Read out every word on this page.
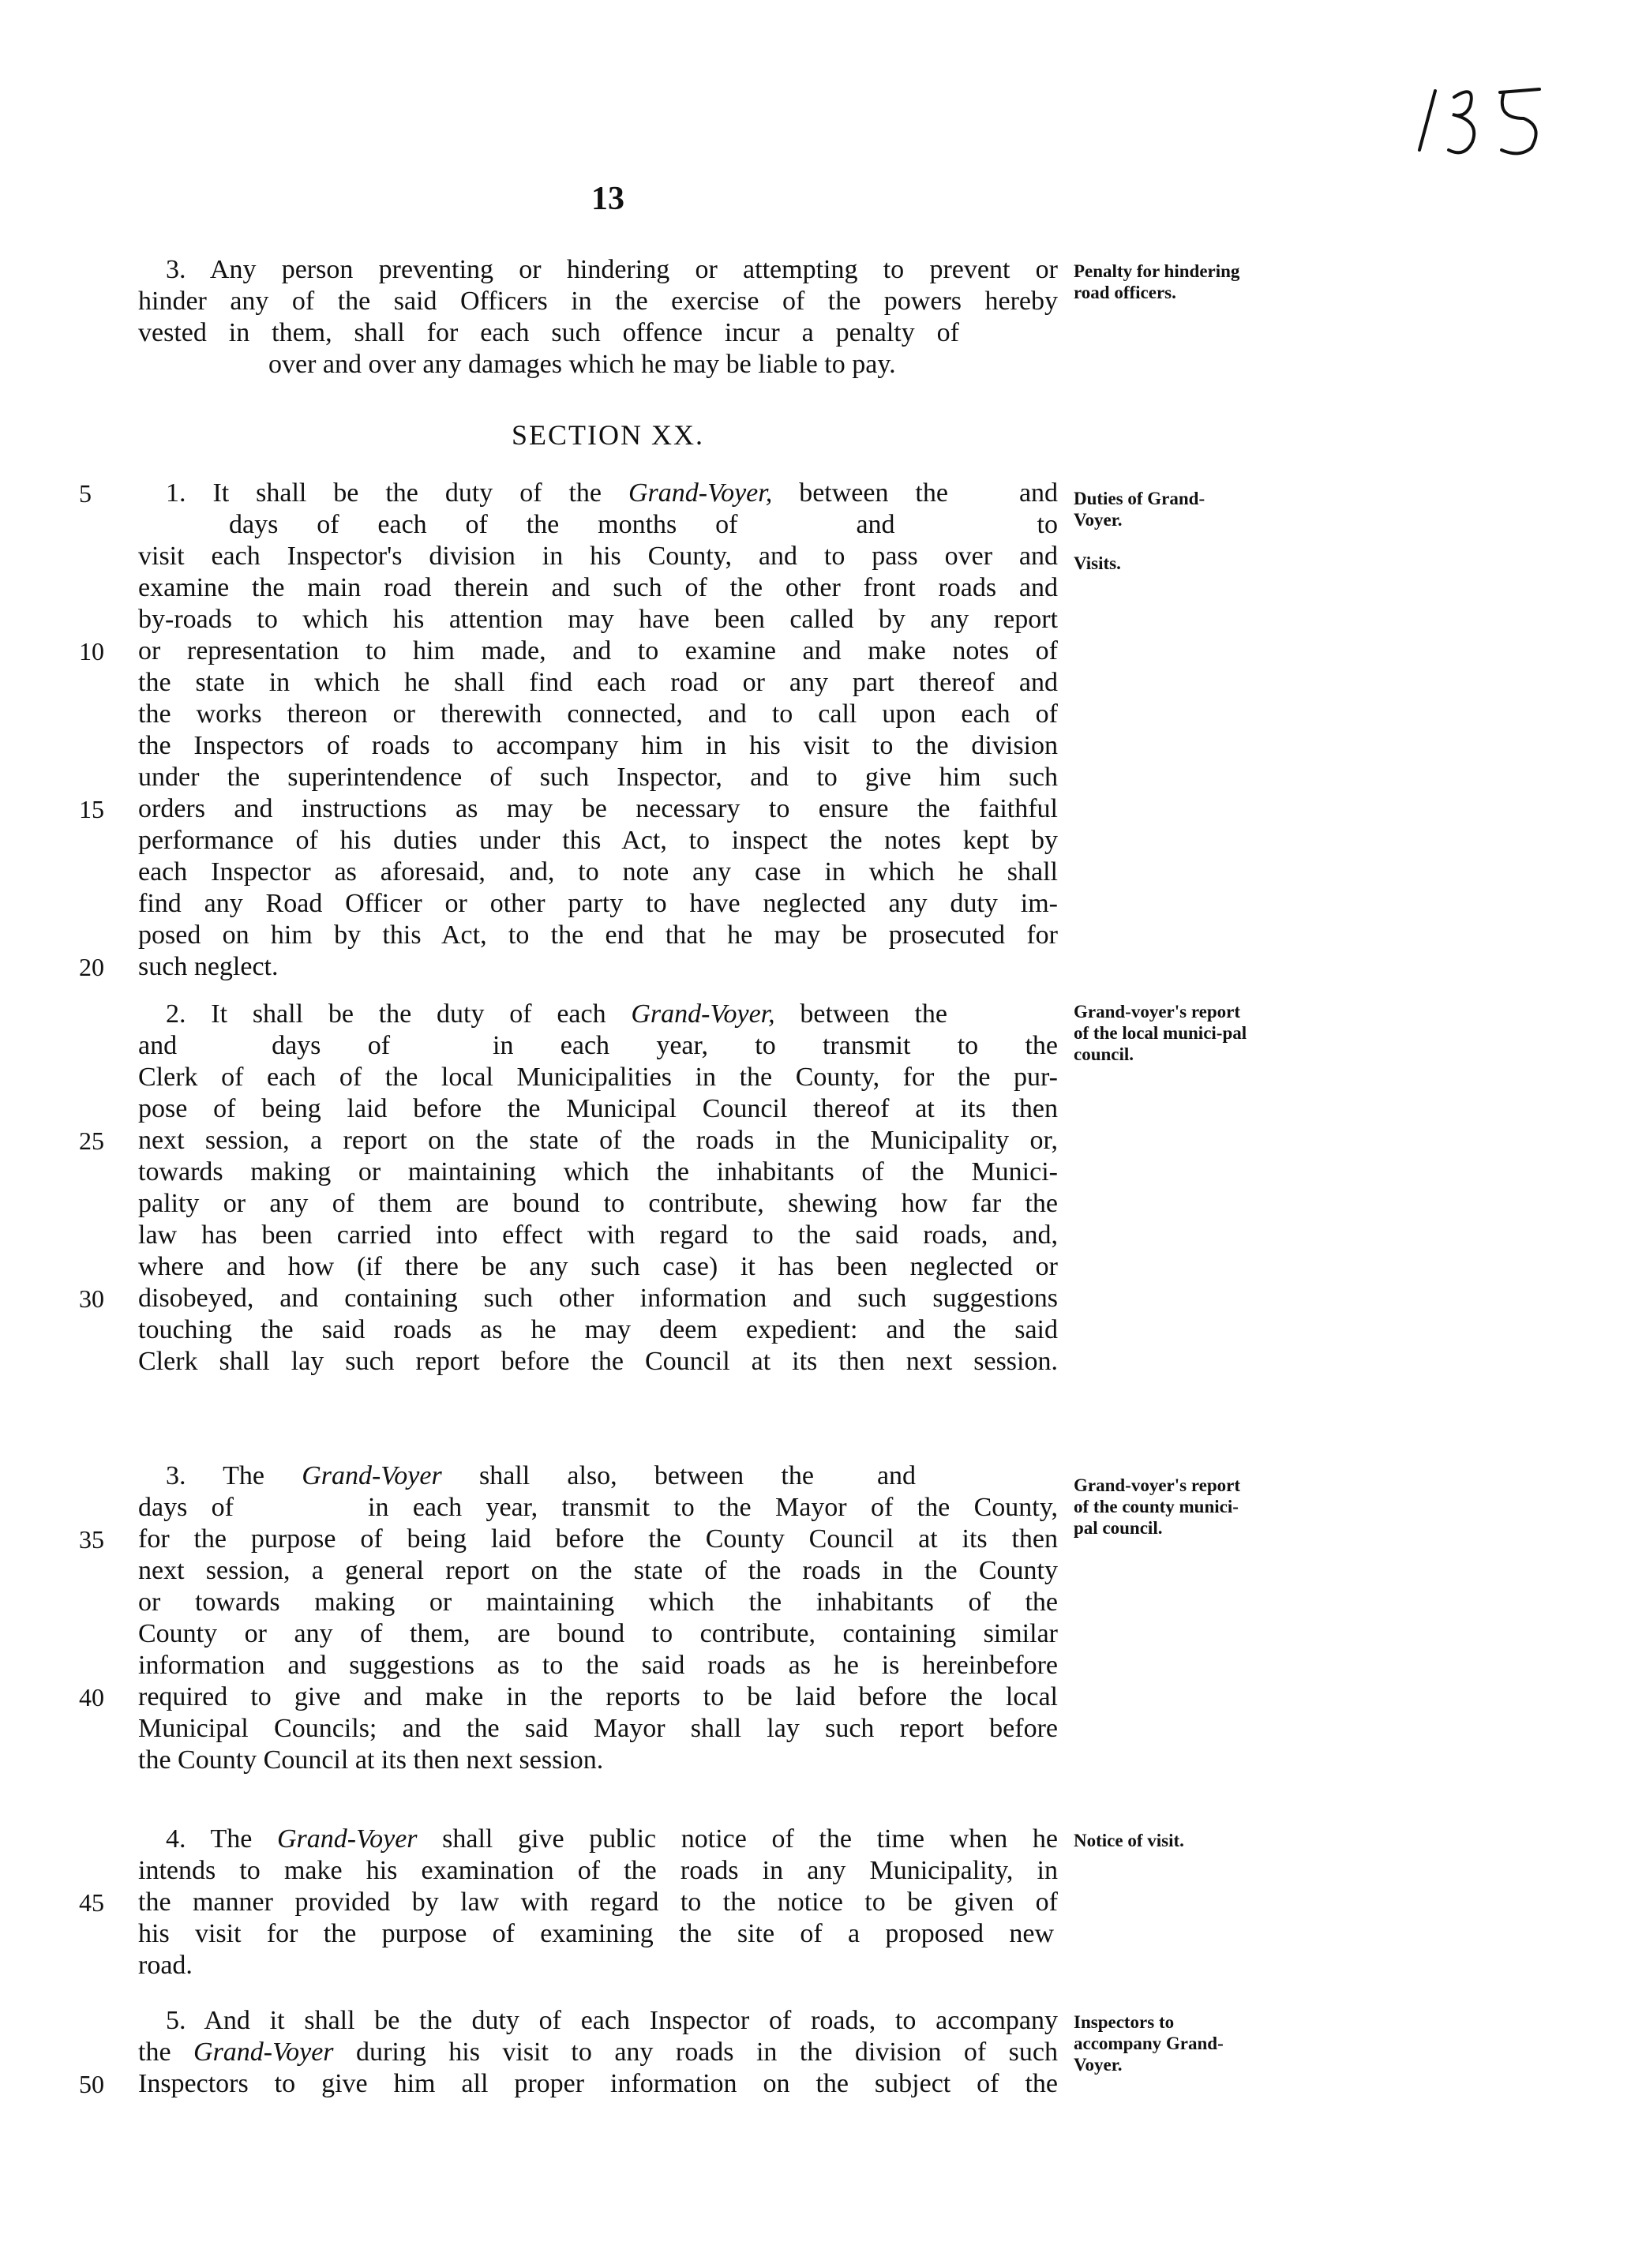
13
3. Any person preventing or hindering or attempting to prevent or
hinder any of the said Officers in the exercise of the powers hereby
vested in them, shall for each such offence incur a penalty of
over and over any damages which he may be liable to pay.
Penalty for hindering road officers.
SECTION XX.
5	1. It shall be the duty of the Grand-Voyer, between the	and
days of each of the months of	and	to
visit each Inspector's division in his County, and to pass over and
examine the main road therein and such of the other front roads and
by-roads to which his attention may have been called by any report
10	or representation to him made, and to examine and make notes of
the state in which he shall find each road or any part thereof and
the works thereon or therewith connected, and to call upon each of
the Inspectors of roads to accompany him in his visit to the division
under the superintendence of such Inspector, and to give him such
15	orders and instructions as may be necessary to ensure the faithful
performance of his duties under this Act, to inspect the notes kept by
each Inspector as aforesaid, and, to note any case in which he shall
find any Road Officer or other party to have neglected any duty im-
posed on him by this Act, to the end that he may be prosecuted for
20	such neglect.
Duties of Grand-Voyer.
Visits.
2. It shall be the duty of each Grand-Voyer, between the
and	days of	in each year, to transmit to the
Clerk of each of the local Municipalities in the County, for the pur-
pose of being laid before the Municipal Council thereof at its then
25	next session, a report on the state of the roads in the Municipality or,
towards making or maintaining which the inhabitants of the Munici-
pality or any of them are bound to contribute, shewing how far the
law has been carried into effect with regard to the said roads, and,
where and how (if there be any such case) it has been neglected or
30	disobeyed, and containing such other information and such suggestions
touching the said roads as he may deem expedient: and the said
Clerk shall lay such report before the Council at its then next session.
Grand-voyer's report of the local munici-pal council.
3. The Grand-Voyer shall also, between the and
days of	in each year, transmit to the Mayor of the County,
35	for the purpose of being laid before the County Council at its then
next session, a general report on the state of the roads in the County
or towards making or maintaining which the inhabitants of the
County or any of them, are bound to contribute, containing similar
information and suggestions as to the said roads as he is hereinbefore
40	required to give and make in the reports to be laid before the local
Municipal Councils; and the said Mayor shall lay such report before
the County Council at its then next session.
Grand-voyer's report of the county munici-pal council.
4. The Grand-Voyer shall give public notice of the time when he
intends to make his examination of the roads in any Municipality, in
45	the manner provided by law with regard to the notice to be given of
his visit for the purpose of examining the site of a proposed new
road.
Notice of visit.
5. And it shall be the duty of each Inspector of roads, to accompany
the Grand-Voyer during his visit to any roads in the division of such
50	Inspectors to give him all proper information on the subject of the
Inspectors to accompany Grand-Voyer.
